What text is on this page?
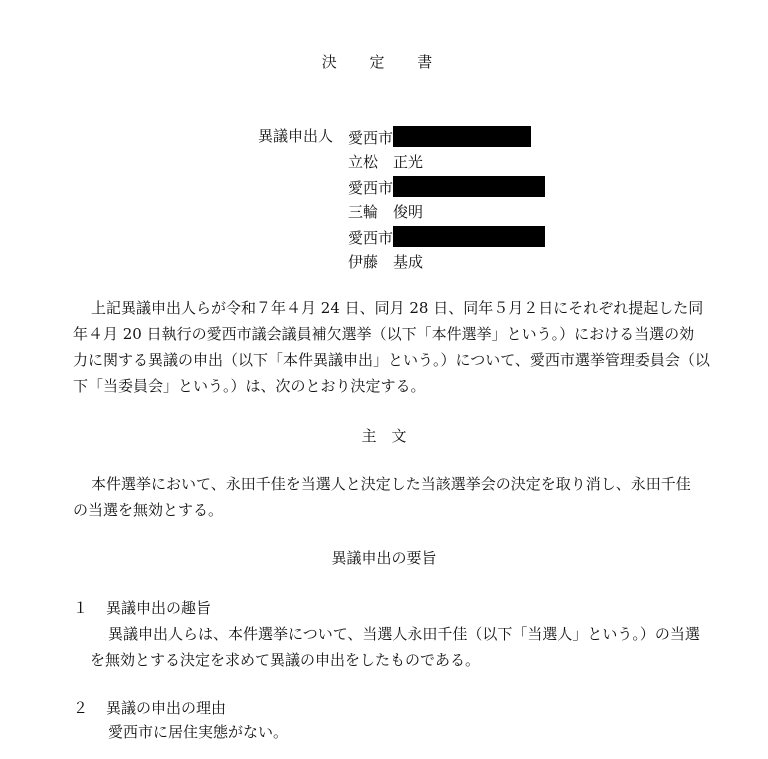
決 定 書
異議申出人 愛西市
立松　正光
愛西市
三輪　俊明
愛西市
伊藤　基成
上記異議申出人らが令和７年４月 24 日、同月 28 日、同年５月２日にそれぞれ提起した同
年４月 20 日執行の愛西市議会議員補欠選挙（以下「本件選挙」という。）における当選の効
力に関する異議の申出（以下「本件異議申出」という。）について、愛西市選挙管理委員会（以
下「当委員会」という。）は、次のとおり決定する。
主　文
本件選挙において、永田千佳を当選人と決定した当該選挙会の決定を取り消し、永田千佳
の当選を無効とする。
異議申出の要旨
１ 異議申出の趣旨
異議申出人らは、本件選挙について、当選人永田千佳（以下「当選人」という。）の当選
を無効とする決定を求めて異議の申出をしたものである。
２ 異議の申出の理由
愛西市に居住実態がない。
